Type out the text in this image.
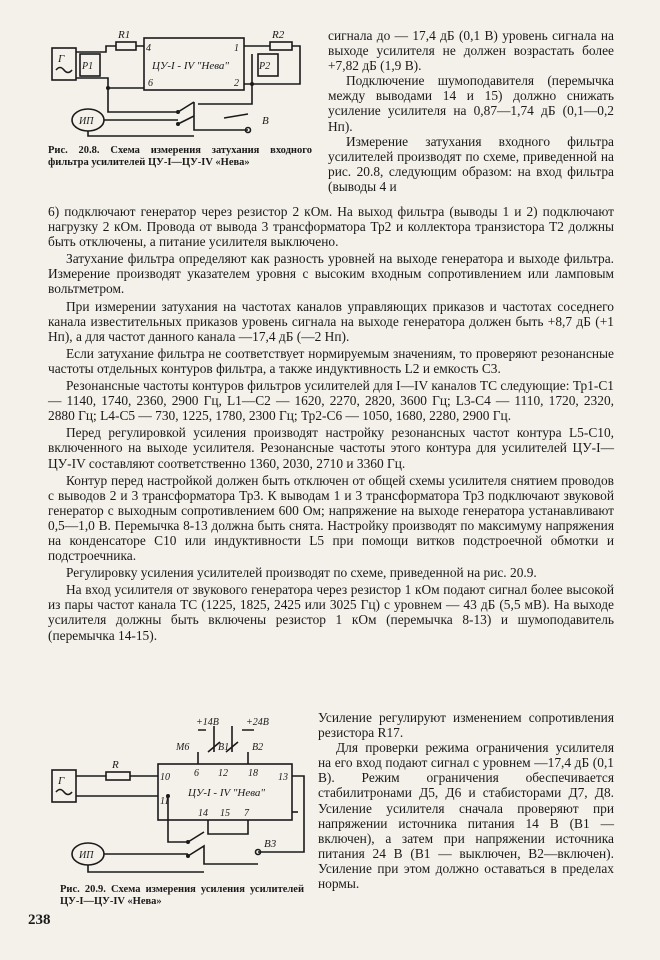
Г
P1
R1
4	1
6	2
ЦУ-I - IV "Нева"
R2
P2
В
ИП
Рис. 20.8. Схема измерения затухания входного фильтра усилителей ЦУ-I—ЦУ-IV «Нева»

сигнала до — 17,4 дБ (0,1 В) уровень сигнала на выходе усилителя не должен возрастать более +7,82 дБ (1,9 В).

Подключение шумоподавителя (перемычка между выводами 14 и 15) должно снижать усиление усилителя на 0,87—1,74 дБ (0,1—0,2 Нп).

Измерение затухания входного фильтра усилителей производят по схеме, приведенной на рис. 20.8, следующим образом: на вход фильтра (выводы 4 и

6) подключают генератор через резистор 2 кОм. На выход фильтра (выводы 1 и 2) подключают нагрузку 2 кОм. Провода от вывода 3 трансформатора Тр2 и коллектора транзистора Т2 должны быть отключены, а питание усилителя выключено.

Затухание фильтра определяют как разность уровней на выходе генератора и выходе фильтра. Измерение производят указателем уровня с высоким входным сопротивлением или ламповым вольтметром.

При измерении затухания на частотах каналов управляющих приказов и частотах соседнего канала известительных приказов уровень сигнала на выходе генератора должен быть +8,7 дБ (+1 Нп), а для частот данного канала —17,4 дБ (—2 Нп).

Если затухание фильтра не соответствует нормируемым значениям, то проверяют резонансные частоты отдельных контуров фильтра, а также индуктивность L2 и емкость С3.

Резонансные частоты контуров фильтров усилителей для I—IV каналов ТС следующие: Тр1-С1 — 1140, 1740, 2360, 2900 Гц, L1—С2 — 1620, 2270, 2820, 3600 Гц; L3-С4 — 1110, 1720, 2320, 2880 Гц; L4-С5 — 730, 1225, 1780, 2300 Гц; Тр2-С6 — 1050, 1680, 2280, 2900 Гц.

Перед регулировкой усиления производят настройку резонансных частот контура L5-С10, включенного на выходе усилителя. Резонансные частоты этого контура для усилителей ЦУ-I—ЦУ-IV составляют соответственно 1360, 2030, 2710 и 3360 Гц.

Контур перед настройкой должен быть отключен от общей схемы усилителя снятием проводов с выводов 2 и 3 трансформатора Тр3. К выводам 1 и 3 трансформатора Тр3 подключают звуковой генератор с выходным сопротивлением 600 Ом; напряжение на выходе генератора устанавливают 0,5—1,0 В. Перемычка 8-13 должна быть снята. Настройку производят по максимуму напряжения на конденсаторе С10 или индуктивности L5 при помощи витков подстроечной обмотки и подстроечника.

Регулировку усиления усилителей производят по схеме, приведенной на рис. 20.9.

На вход усилителя от звукового генератора через резистор 1 кОм подают сигнал более высокой из пары частот канала ТС (1225, 1825, 2425 или 3025 Гц) с уровнем — 43 дБ (5,5 мВ). На выходе усилителя должны быть включены резистор 1 кОм (перемычка 8-13) и шумоподавитель (перемычка 14-15).

+14В	+24В
М6	В1 В2
R
Г	10 6 12 18 13
11
14 15 7
ЦУ-I - IV "Нева"
В3
ИП
Рис. 20.9. Схема измерения усиления усилителей ЦУ-I—ЦУ-IV «Нева»

Усиление регулируют изменением сопротивления резистора R17.

Для проверки режима ограничения усилителя на его вход подают сигнал с уровнем —17,4 дБ (0,1 В). Режим ограничения обеспечивается стабилитронами Д5, Д6 и стабисторами Д7, Д8. Усиление усилителя сначала проверяют при напряжении источника питания 14 В (В1 — включен), а затем при напряжении источника питания 24 В (В1 — выключен, В2—включен). Усиление при этом должно оставаться в пределах нормы.

238
